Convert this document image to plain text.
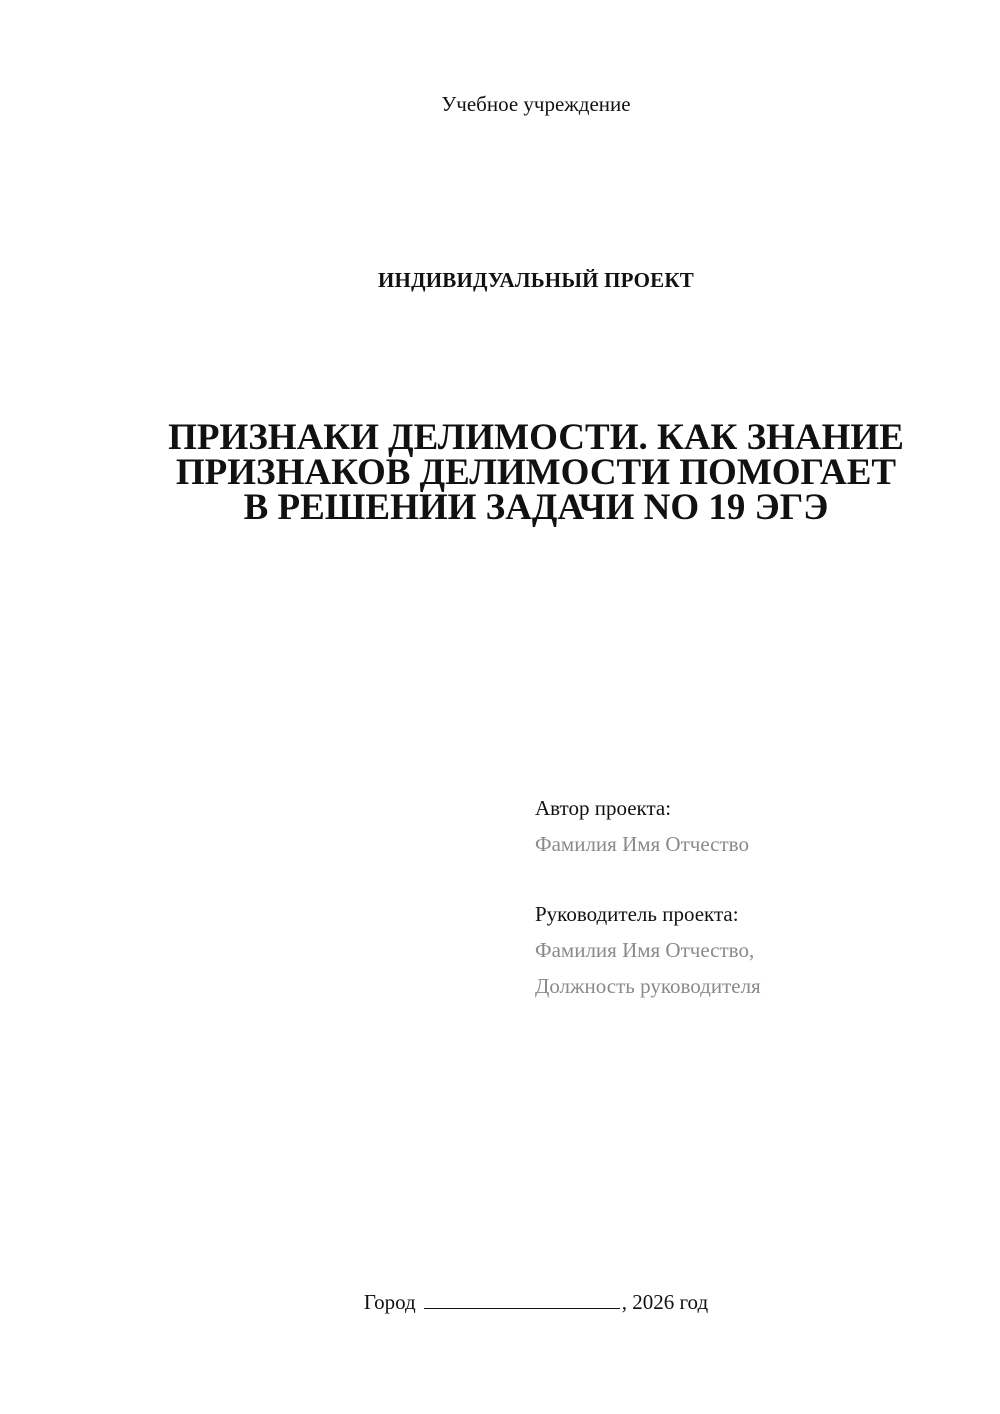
Учебное учреждение
ИНДИВИДУАЛЬНЫЙ ПРОЕКТ
ПРИЗНАКИ ДЕЛИМОСТИ. КАК ЗНАНИЕ
ПРИЗНАКОВ ДЕЛИМОСТИ ПОМОГАЕТ
В РЕШЕНИИ ЗАДАЧИ NO 19 ЭГЭ
Автор проекта:
Фамилия Имя Отчество
Руководитель проекта:
Фамилия Имя Отчество,
Должность руководителя
Город	, 2026 год
